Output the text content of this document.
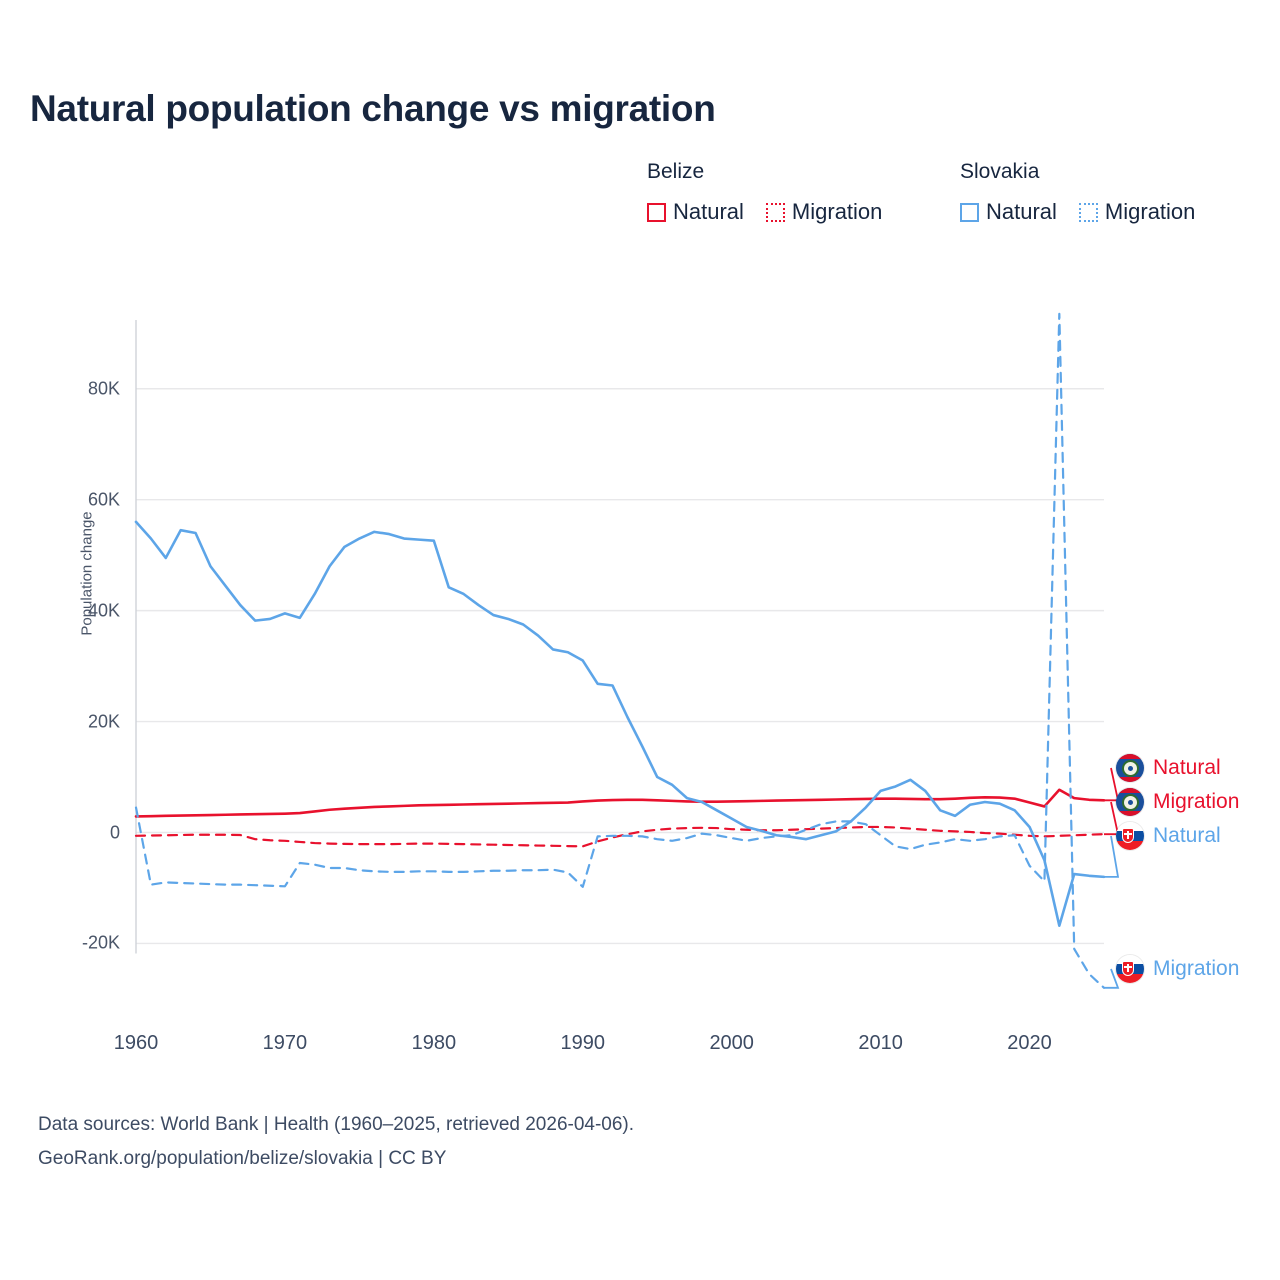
Natural population change vs migration
Belize
Natural Migration
Slovakia
Natural Migration
Population change
-20K
0
20K
40K
60K
80K
1960	1970	1980	1990	2000	2010	2020
Natural
Migration
Natural
Migration
Data sources: World Bank | Health (1960–2025, retrieved 2026-04-06).
GeoRank.org/population/belize/slovakia | CC BY
